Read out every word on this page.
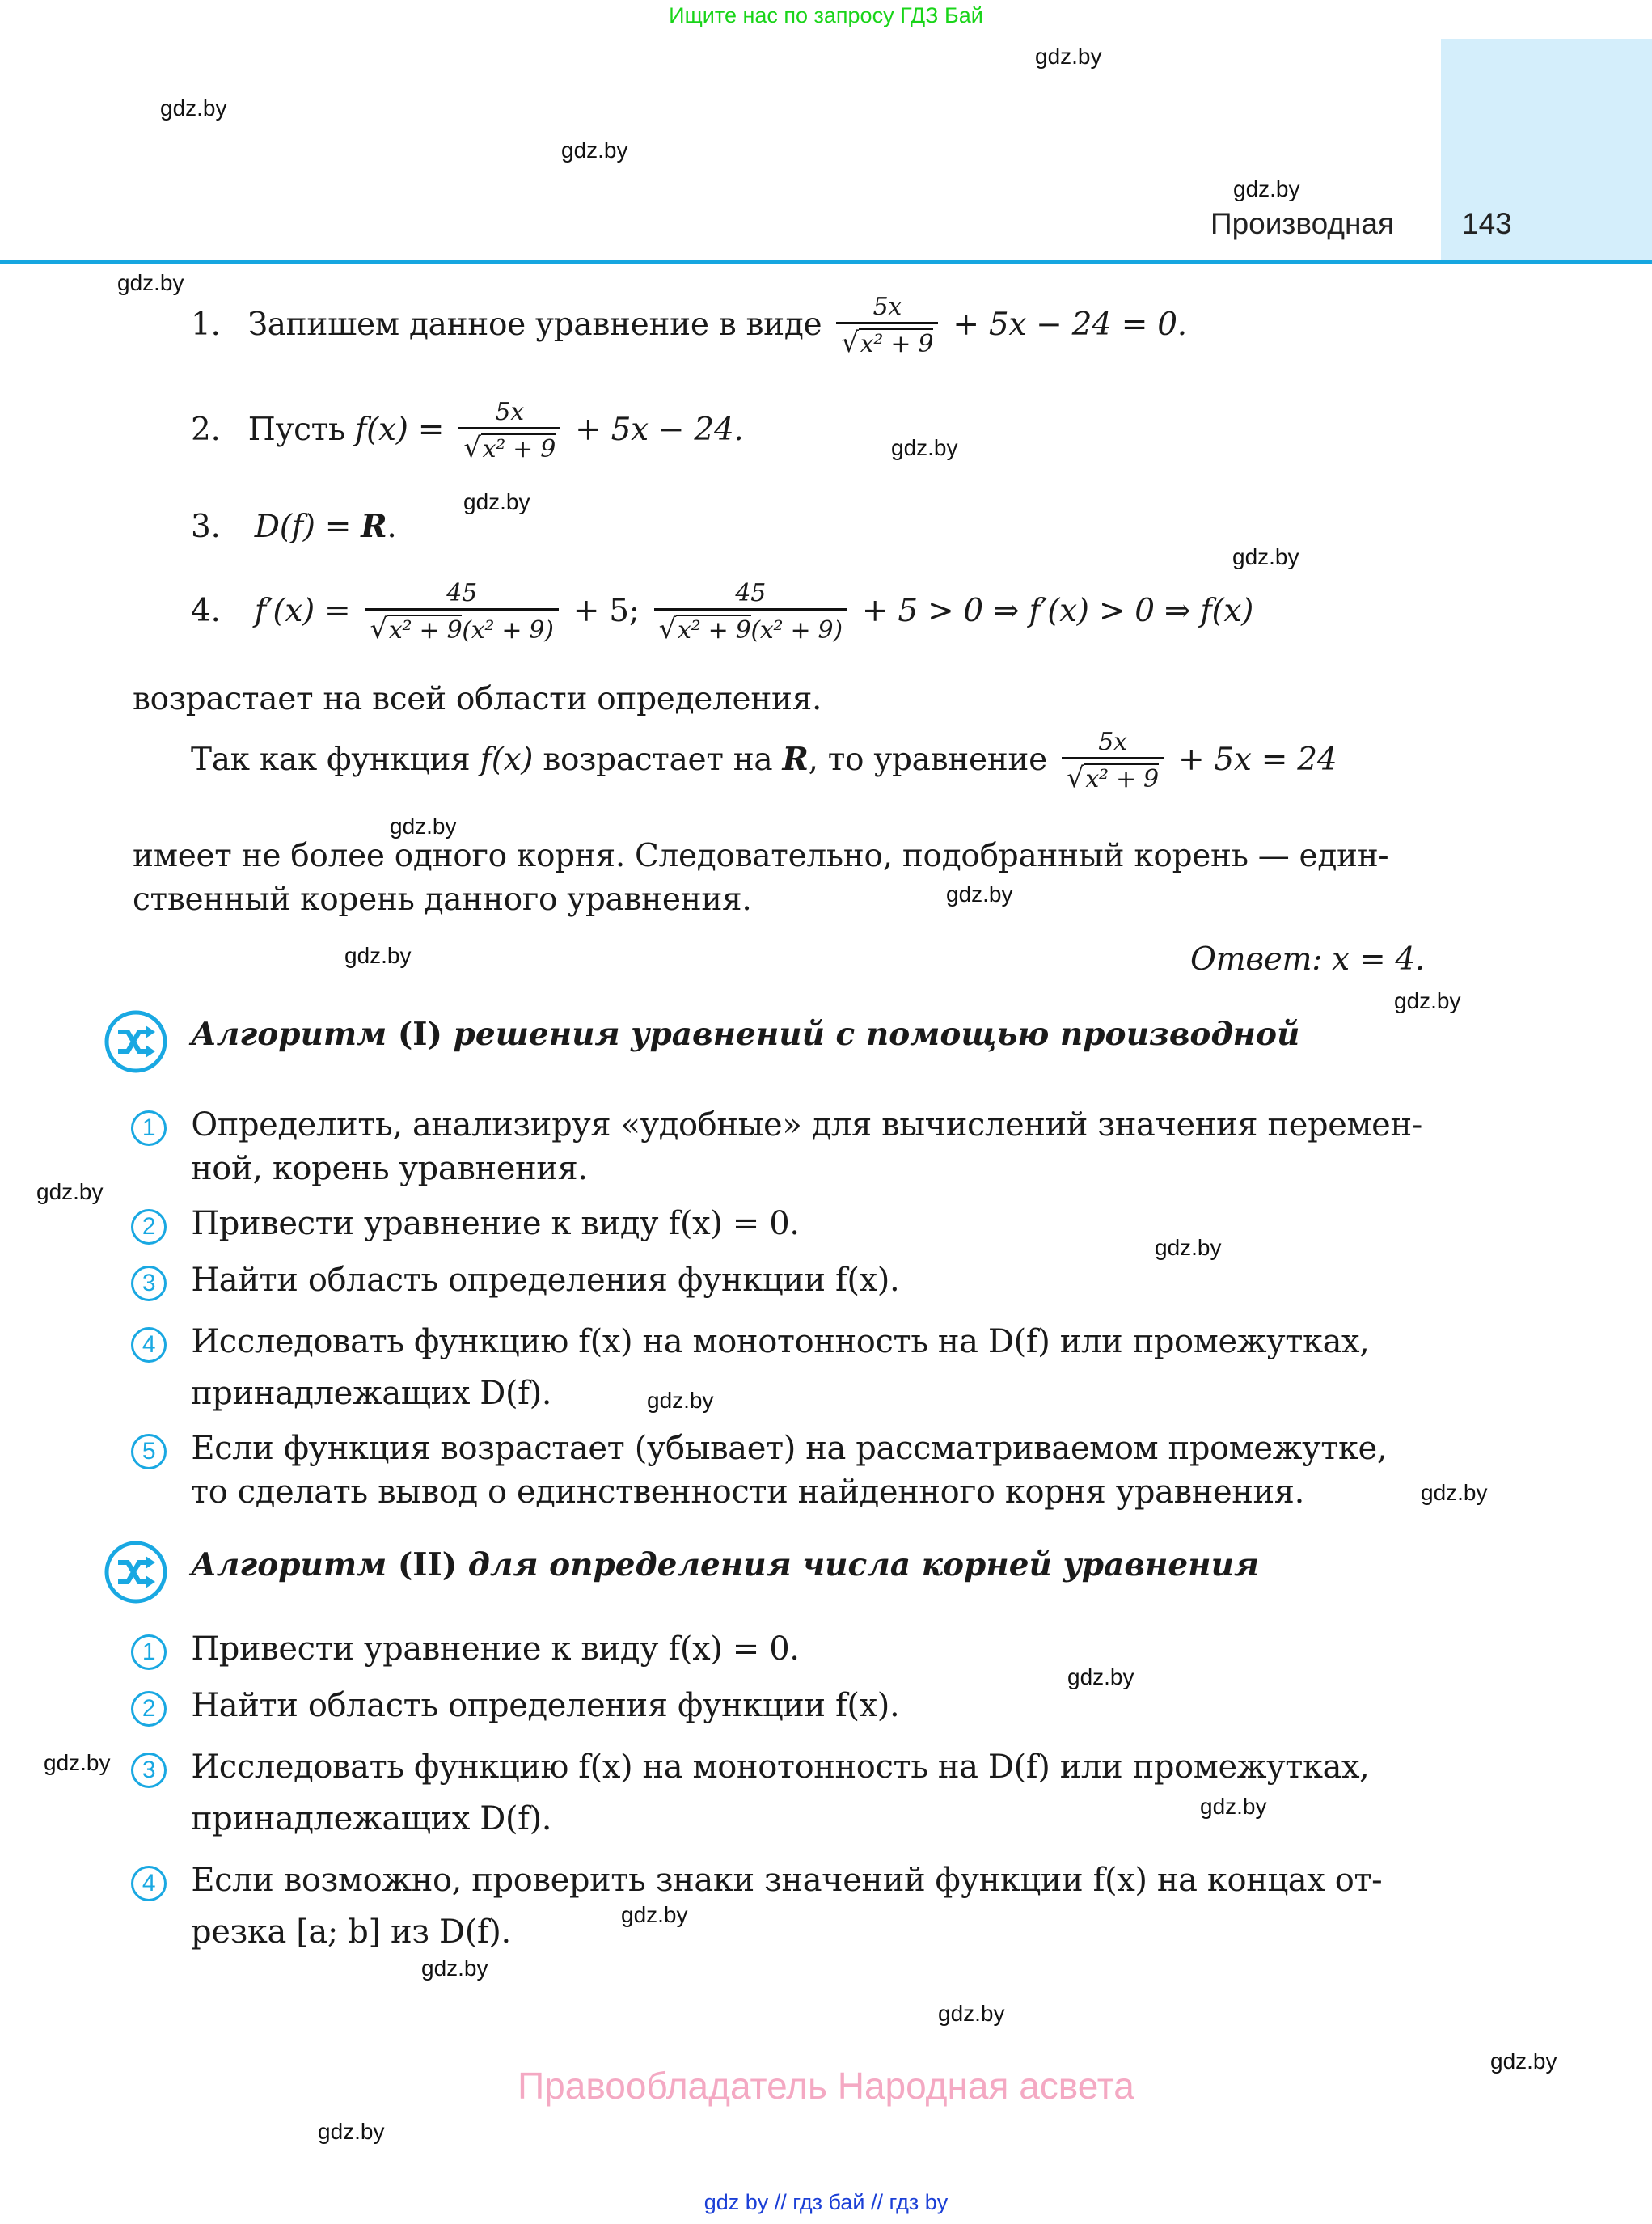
Ищите нас по запросу ГДЗ Бай
Производная 143
gdz.by
gdz.by
gdz.by
gdz.by
gdz.by
gdz.by
gdz.by
gdz.by
gdz.by
gdz.by
gdz.by
gdz.by
gdz.by
gdz.by
gdz.by
gdz.by
gdz.by
gdz.by
gdz.by
gdz.by
gdz.by
gdz.by
gdz.by
gdz.by
1. Запишем данное уравнение в виде $\frac{5x}{\text{√x² + 9}} + 5x - 24 = 0$.
2. Пусть $f(x) = \frac{5x}{\text{√x² + 9}} + 5x - 24$.
3. D(f) = R.
4. $f'(x) = \frac{45}{\text{√x² + 9(x² + 9)}} + 5$; $\frac{45}{\text{√x² + 9(x² + 9)}} + 5 > 0$ ⇒ f′(x) > 0 ⇒ f(x)
возрастает на всей области определения.
Так как функция f(x) возрастает на R, то уравнение $\frac{5x}{\text{√x² + 9}} + 5x = 24$
имеет не более одного корня. Следовательно, подобранный корень — един-
ственный корень данного уравнения.
Ответ: x = 4.
Алгоритм (I) решения уравнений с помощью производной
1 Определить, анализируя «удобные» для вычислений значения перемен-
ной, корень уравнения.
2 Привести уравнение к виду f(x) = 0.
3 Найти область определения функции f(x).
4 Исследовать функцию f(x) на монотонность на D(f) или промежутках,
принадлежащих D(f).
5 Если функция возрастает (убывает) на рассматриваемом промежутке,
то сделать вывод о единственности найденного корня уравнения.
Алгоритм (II) для определения числа корней уравнения
1 Привести уравнение к виду f(x) = 0.
2 Найти область определения функции f(x).
3 Исследовать функцию f(x) на монотонность на D(f) или промежутках,
принадлежащих D(f).
4 Если возможно, проверить знаки значений функции f(x) на концах от-
резка [a; b] из D(f).
Правообладатель Народная асвета
gdz by // гдз бай // гдз by
